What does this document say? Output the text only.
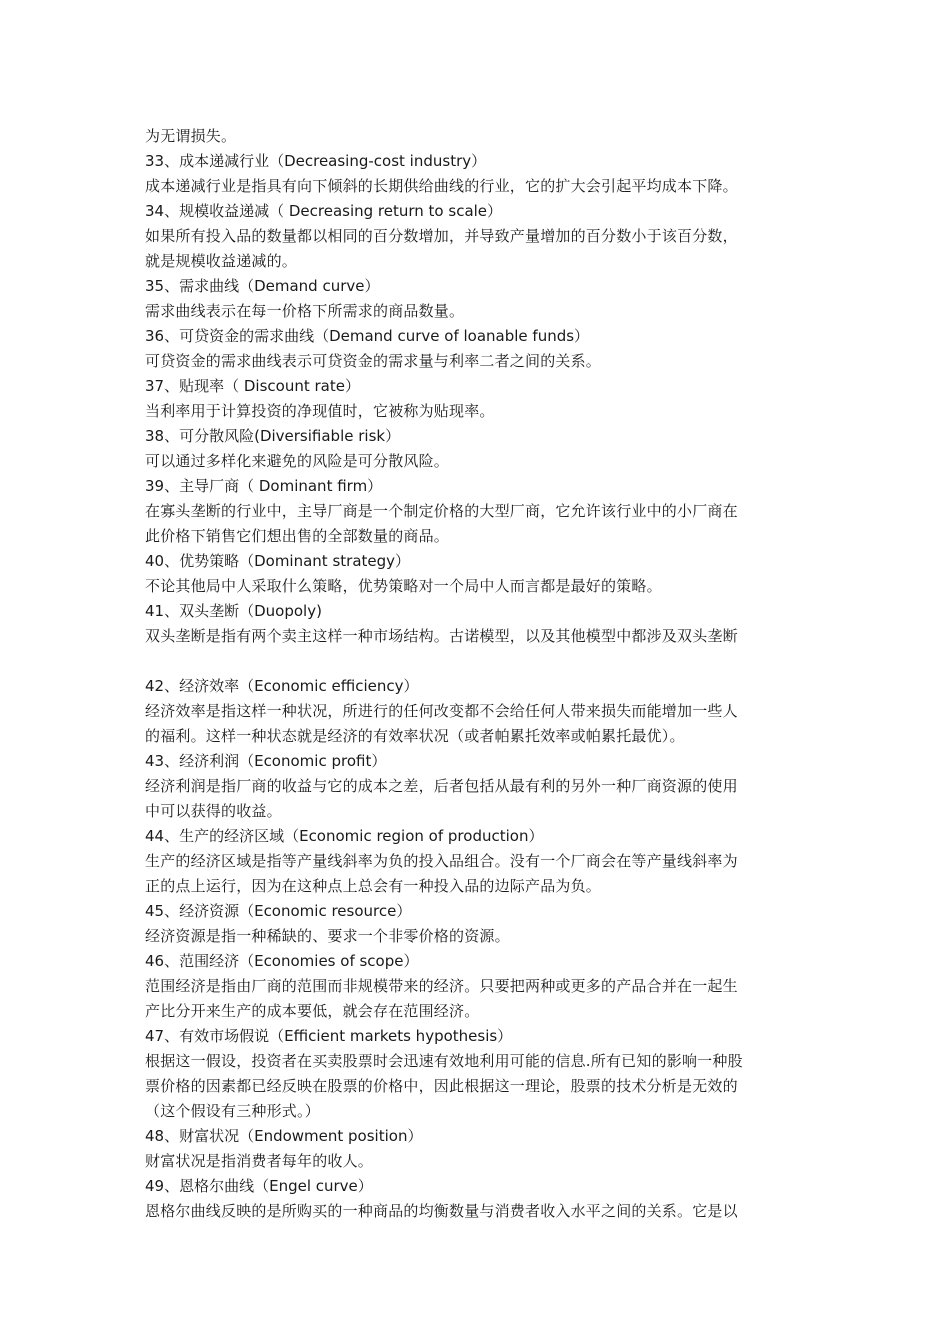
为无谓损失。
33、成本递减行业（Decreasing-cost industry）
成本递减行业是指具有向下倾斜的长期供给曲线的行业，它的扩大会引起平均成本下降。
34、规模收益递减（ Decreasing return to scale）
如果所有投入品的数量都以相同的百分数增加，并导致产量增加的百分数小于该百分数，
就是规模收益递减的。
35、需求曲线（Demand curve）
需求曲线表示在每一价格下所需求的商品数量。
36、可贷资金的需求曲线（Demand curve of loanable funds）
可贷资金的需求曲线表示可贷资金的需求量与利率二者之间的关系。
37、贴现率（ Discount rate）
当利率用于计算投资的净现值时，它被称为贴现率。
38、可分散风险(Diversifiable risk）
可以通过多样化来避免的风险是可分散风险。
39、主导厂商（ Dominant firm）
在寡头垄断的行业中，主导厂商是一个制定价格的大型厂商，它允许该行业中的小厂商在
此价格下销售它们想出售的全部数量的商品。
40、优势策略（Dominant strategy）
不论其他局中人采取什么策略，优势策略对一个局中人而言都是最好的策略。
41、双头垄断（Duopoly)
双头垄断是指有两个卖主这样一种市场结构。古诺模型，以及其他模型中都涉及双头垄断
42、经济效率（Economic efficiency）
经济效率是指这样一种状况，所进行的任何改变都不会给任何人带来损失而能增加一些人
的福利。这样一种状态就是经济的有效率状况（或者帕累托效率或帕累托最优）。
43、经济利润（Economic profit）
经济利润是指厂商的收益与它的成本之差，后者包括从最有利的另外一种厂商资源的使用
中可以获得的收益。
44、生产的经济区域（Economic region of production）
生产的经济区域是指等产量线斜率为负的投入品组合。没有一个厂商会在等产量线斜率为
正的点上运行，因为在这种点上总会有一种投入品的边际产品为负。
45、经济资源（Economic resource）
经济资源是指一种稀缺的、要求一个非零价格的资源。
46、范围经济（Economies of scope）
范围经济是指由厂商的范围而非规模带来的经济。只要把两种或更多的产品合并在一起生
产比分开来生产的成本要低，就会存在范围经济。
47、有效市场假说（Efficient markets hypothesis）
根据这一假设，投资者在买卖股票时会迅速有效地利用可能的信息.所有已知的影响一种股
票价格的因素都已经反映在股票的价格中，因此根据这一理论，股票的技术分析是无效的
（这个假设有三种形式。）
48、财富状况（Endowment position）
财富状况是指消费者每年的收人。
49、恩格尔曲线（Engel curve）
恩格尔曲线反映的是所购买的一种商品的均衡数量与消费者收入水平之间的关系。它是以
